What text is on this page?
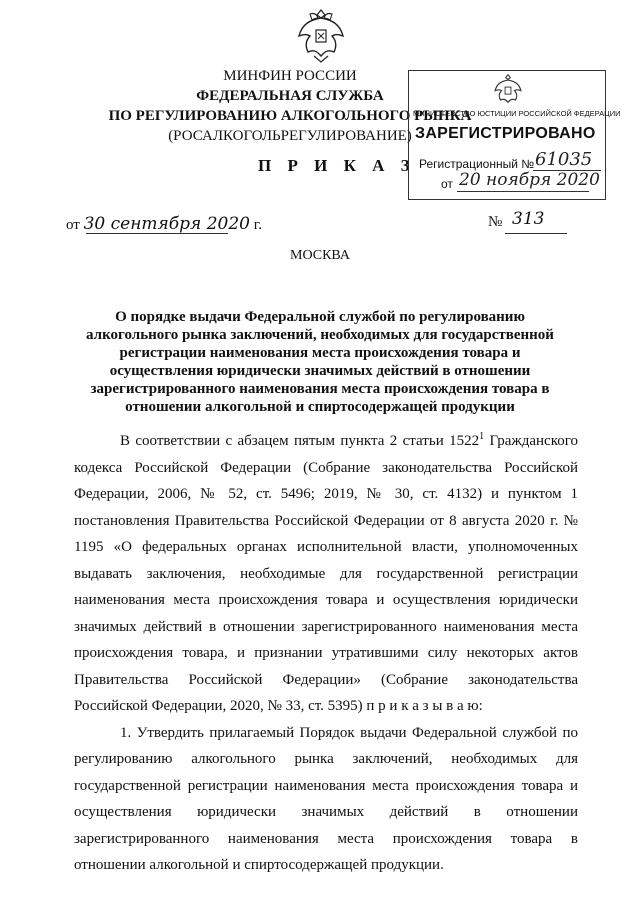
МИНФИН РОССИИ
ФЕДЕРАЛЬНАЯ СЛУЖБА
ПО РЕГУЛИРОВАНИЮ АЛКОГОЛЬНОГО РЫНКА
(РОСАЛКОГОЛЬРЕГУЛИРОВАНИЕ)
П Р И К А З
МИНИСТЕРСТВО ЮСТИЦИИ РОССИЙСКОЙ ФЕДЕРАЦИИ
ЗАРЕГИСТРИРОВАНО
Регистрационный № 61035
от 20 ноября 2020
от 30 сентября 2020 г.	№ 313
МОСКВА
О порядке выдачи Федеральной службой по регулированию алкогольного рынка заключений, необходимых для государственной регистрации наименования места происхождения товара и осуществления юридически значимых действий в отношении зарегистрированного наименования места происхождения товара в отношении алкогольной и спиртосодержащей продукции

В соответствии с абзацем пятым пункта 2 статьи 1522$^1$ Гражданского кодекса Российской Федерации (Собрание законодательства Российской Федерации, 2006, № 52, ст. 5496; 2019, № 30, ст. 4132) и пунктом 1 постановления Правительства Российской Федерации от 8 августа 2020 г. № 1195 «О федеральных органах исполнительной власти, уполномоченных выдавать заключения, необходимые для государственной регистрации наименования места происхождения товара и осуществления юридически значимых действий в отношении зарегистрированного наименования места происхождения товара, и признании утратившими силу некоторых актов Правительства Российской Федерации» (Собрание законодательства Российской Федерации, 2020, № 33, ст. 5395) п р и к а з ы в а ю:

1. Утвердить прилагаемый Порядок выдачи Федеральной службой по регулированию алкогольного рынка заключений, необходимых для государственной регистрации наименования места происхождения товара и осуществления юридически значимых действий в отношении зарегистрированного наименования места происхождения товара в отношении алкогольной и спиртосодержащей продукции.
